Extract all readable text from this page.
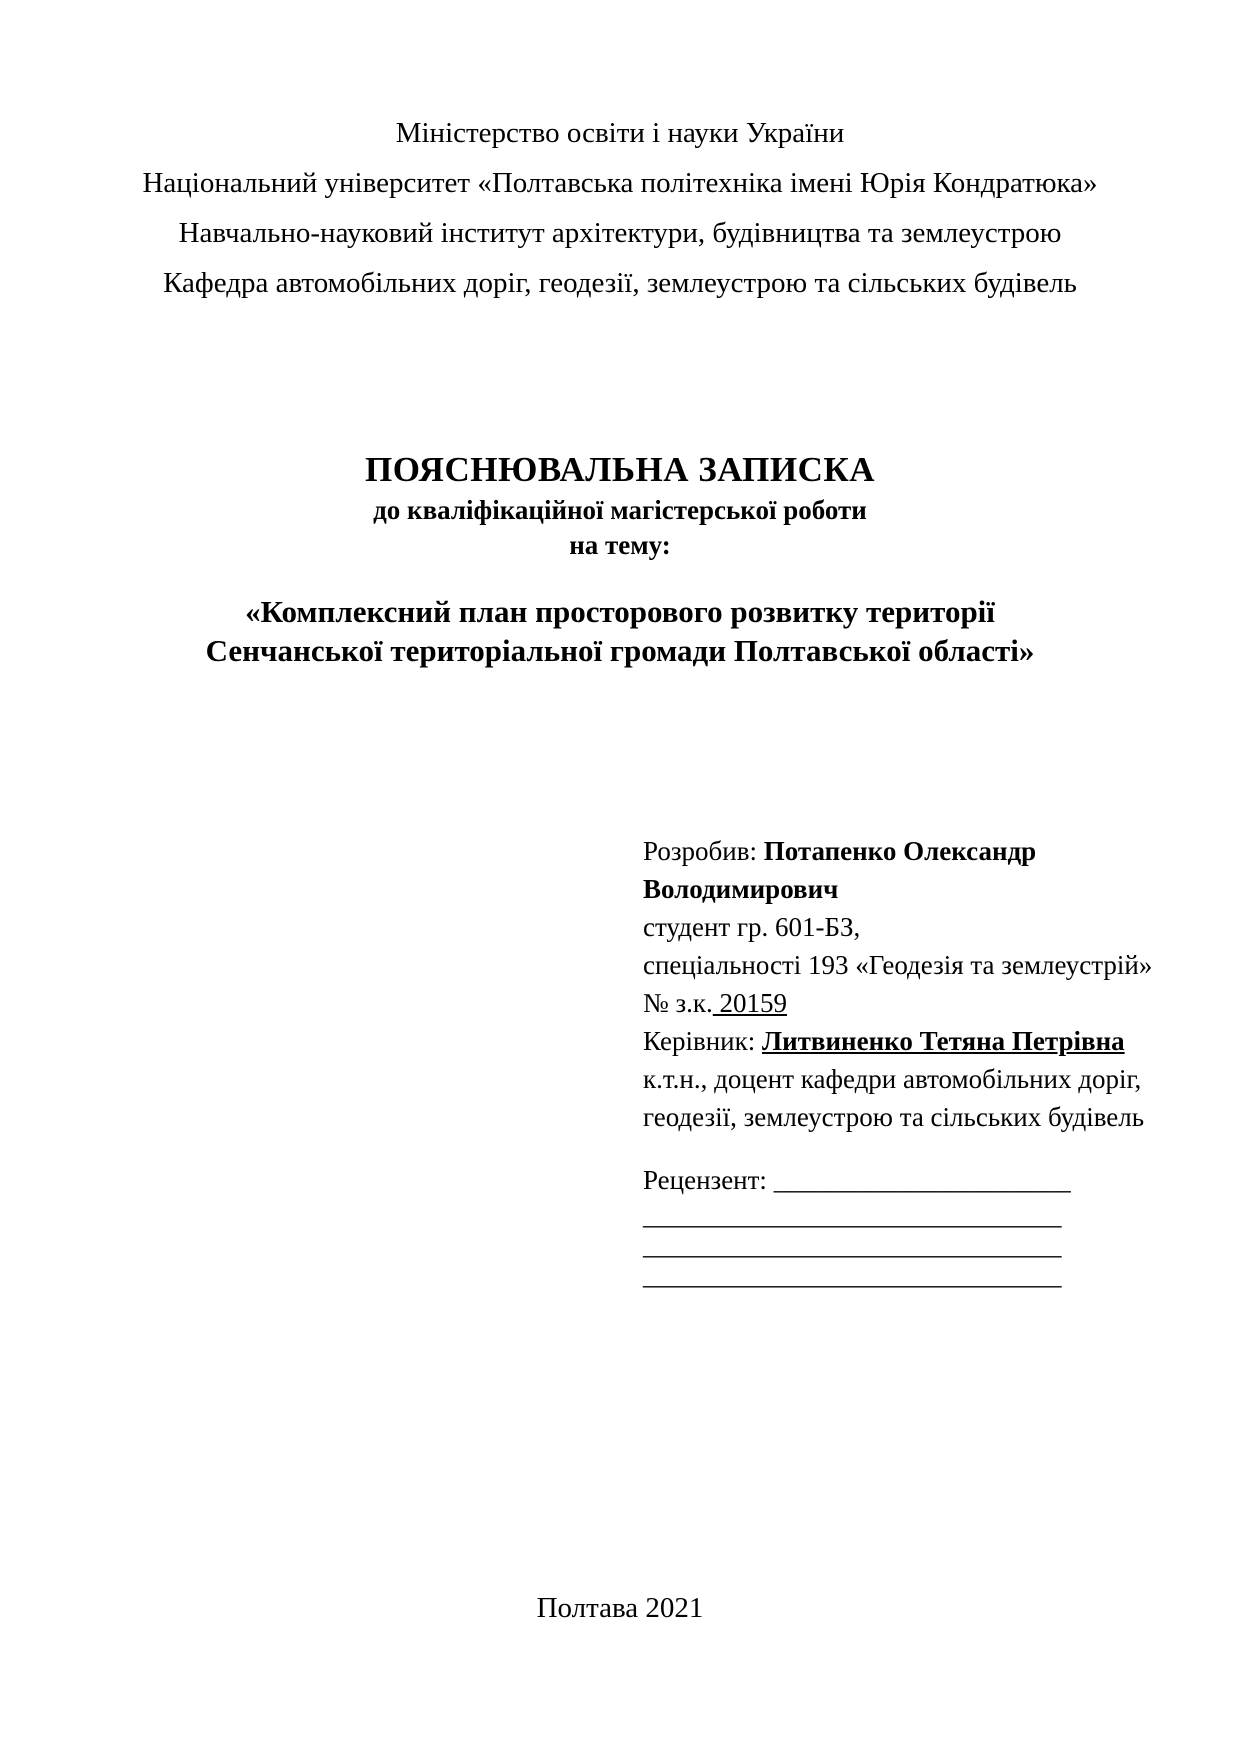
Міністерство освіти і науки України
Національний університет «Полтавська політехніка імені Юрія Кондратюка»
Навчально-науковий інститут архітектури, будівництва та землеустрою
Кафедра автомобільних доріг, геодезії, землеустрою та сільських будівель
ПОЯСНЮВАЛЬНА ЗАПИСКА
до кваліфікаційної магістерської роботи
на тему:
«Комплексний план просторового розвитку території
Сенчанської територіальної громади Полтавської області»
Розробив: Потапенко Олександр
Володимирович
студент гр. 601-БЗ,
спеціальності 193 «Геодезія та землеустрій»
№ з.к. 20159
Керівник: Литвиненко Тетяна Петрівна
к.т.н., доцент кафедри автомобільних доріг,
геодезії, землеустрою та сільських будівель
Рецензент: ______________________
_______________________________
_______________________________
_______________________________
Полтава 2021
